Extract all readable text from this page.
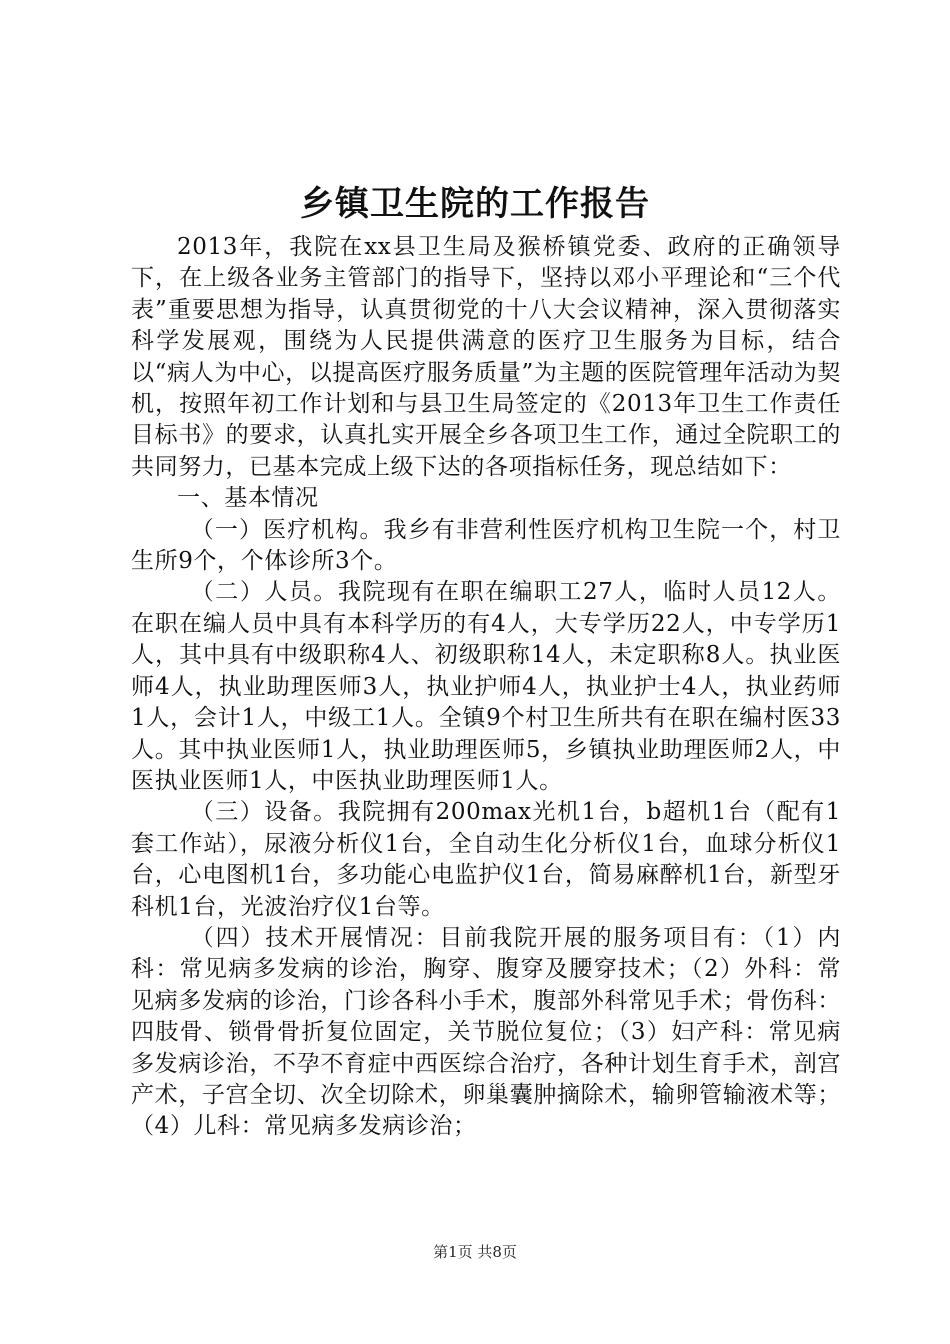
乡镇卫生院的工作报告

2013年，我院在xx县卫生局及猴桥镇党委、政府的正确领导下，在上级各业务主管部门的指导下，坚持以邓小平理论和“三个代表”重要思想为指导，认真贯彻党的十八大会议精神，深入贯彻落实科学发展观，围绕为人民提供满意的医疗卫生服务为目标，结合以“病人为中心，以提高医疗服务质量”为主题的医院管理年活动为契机，按照年初工作计划和与县卫生局签定的《2013年卫生工作责任目标书》的要求，认真扎实开展全乡各项卫生工作，通过全院职工的共同努力，已基本完成上级下达的各项指标任务，现总结如下：

一、基本情况

（一）医疗机构。我乡有非营利性医疗机构卫生院一个，村卫生所9个，个体诊所3个。

（二）人员。我院现有在职在编职工27人，临时人员12人。在职在编人员中具有本科学历的有4人，大专学历22人，中专学历1人，其中具有中级职称4人、初级职称14人，未定职称8人。执业医师4人，执业助理医师3人，执业护师4人，执业护士4人，执业药师1人，会计1人，中级工1人。全镇9个村卫生所共有在职在编村医33人。其中执业医师1人，执业助理医师5，乡镇执业助理医师2人，中医执业医师1人，中医执业助理医师1人。

（三）设备。我院拥有200max光机1台，b超机1台（配有1套工作站），尿液分析仪1台，全自动生化分析仪1台，血球分析仪1台，心电图机1台，多功能心电监护仪1台，简易麻醉机1台，新型牙科机1台，光波治疗仪1台等。

（四）技术开展情况：目前我院开展的服务项目有：（1）内科：常见病多发病的诊治，胸穿、腹穿及腰穿技术；（2）外科：常见病多发病的诊治，门诊各科小手术，腹部外科常见手术；骨伤科：四肢骨、锁骨骨折复位固定，关节脱位复位；（3）妇产科：常见病多发病诊治，不孕不育症中西医综合治疗，各种计划生育手术，剖宫产术，子宫全切、次全切除术，卵巢囊肿摘除术，输卵管输液术等；（4）儿科：常见病多发病诊治；

第1页 共8页
